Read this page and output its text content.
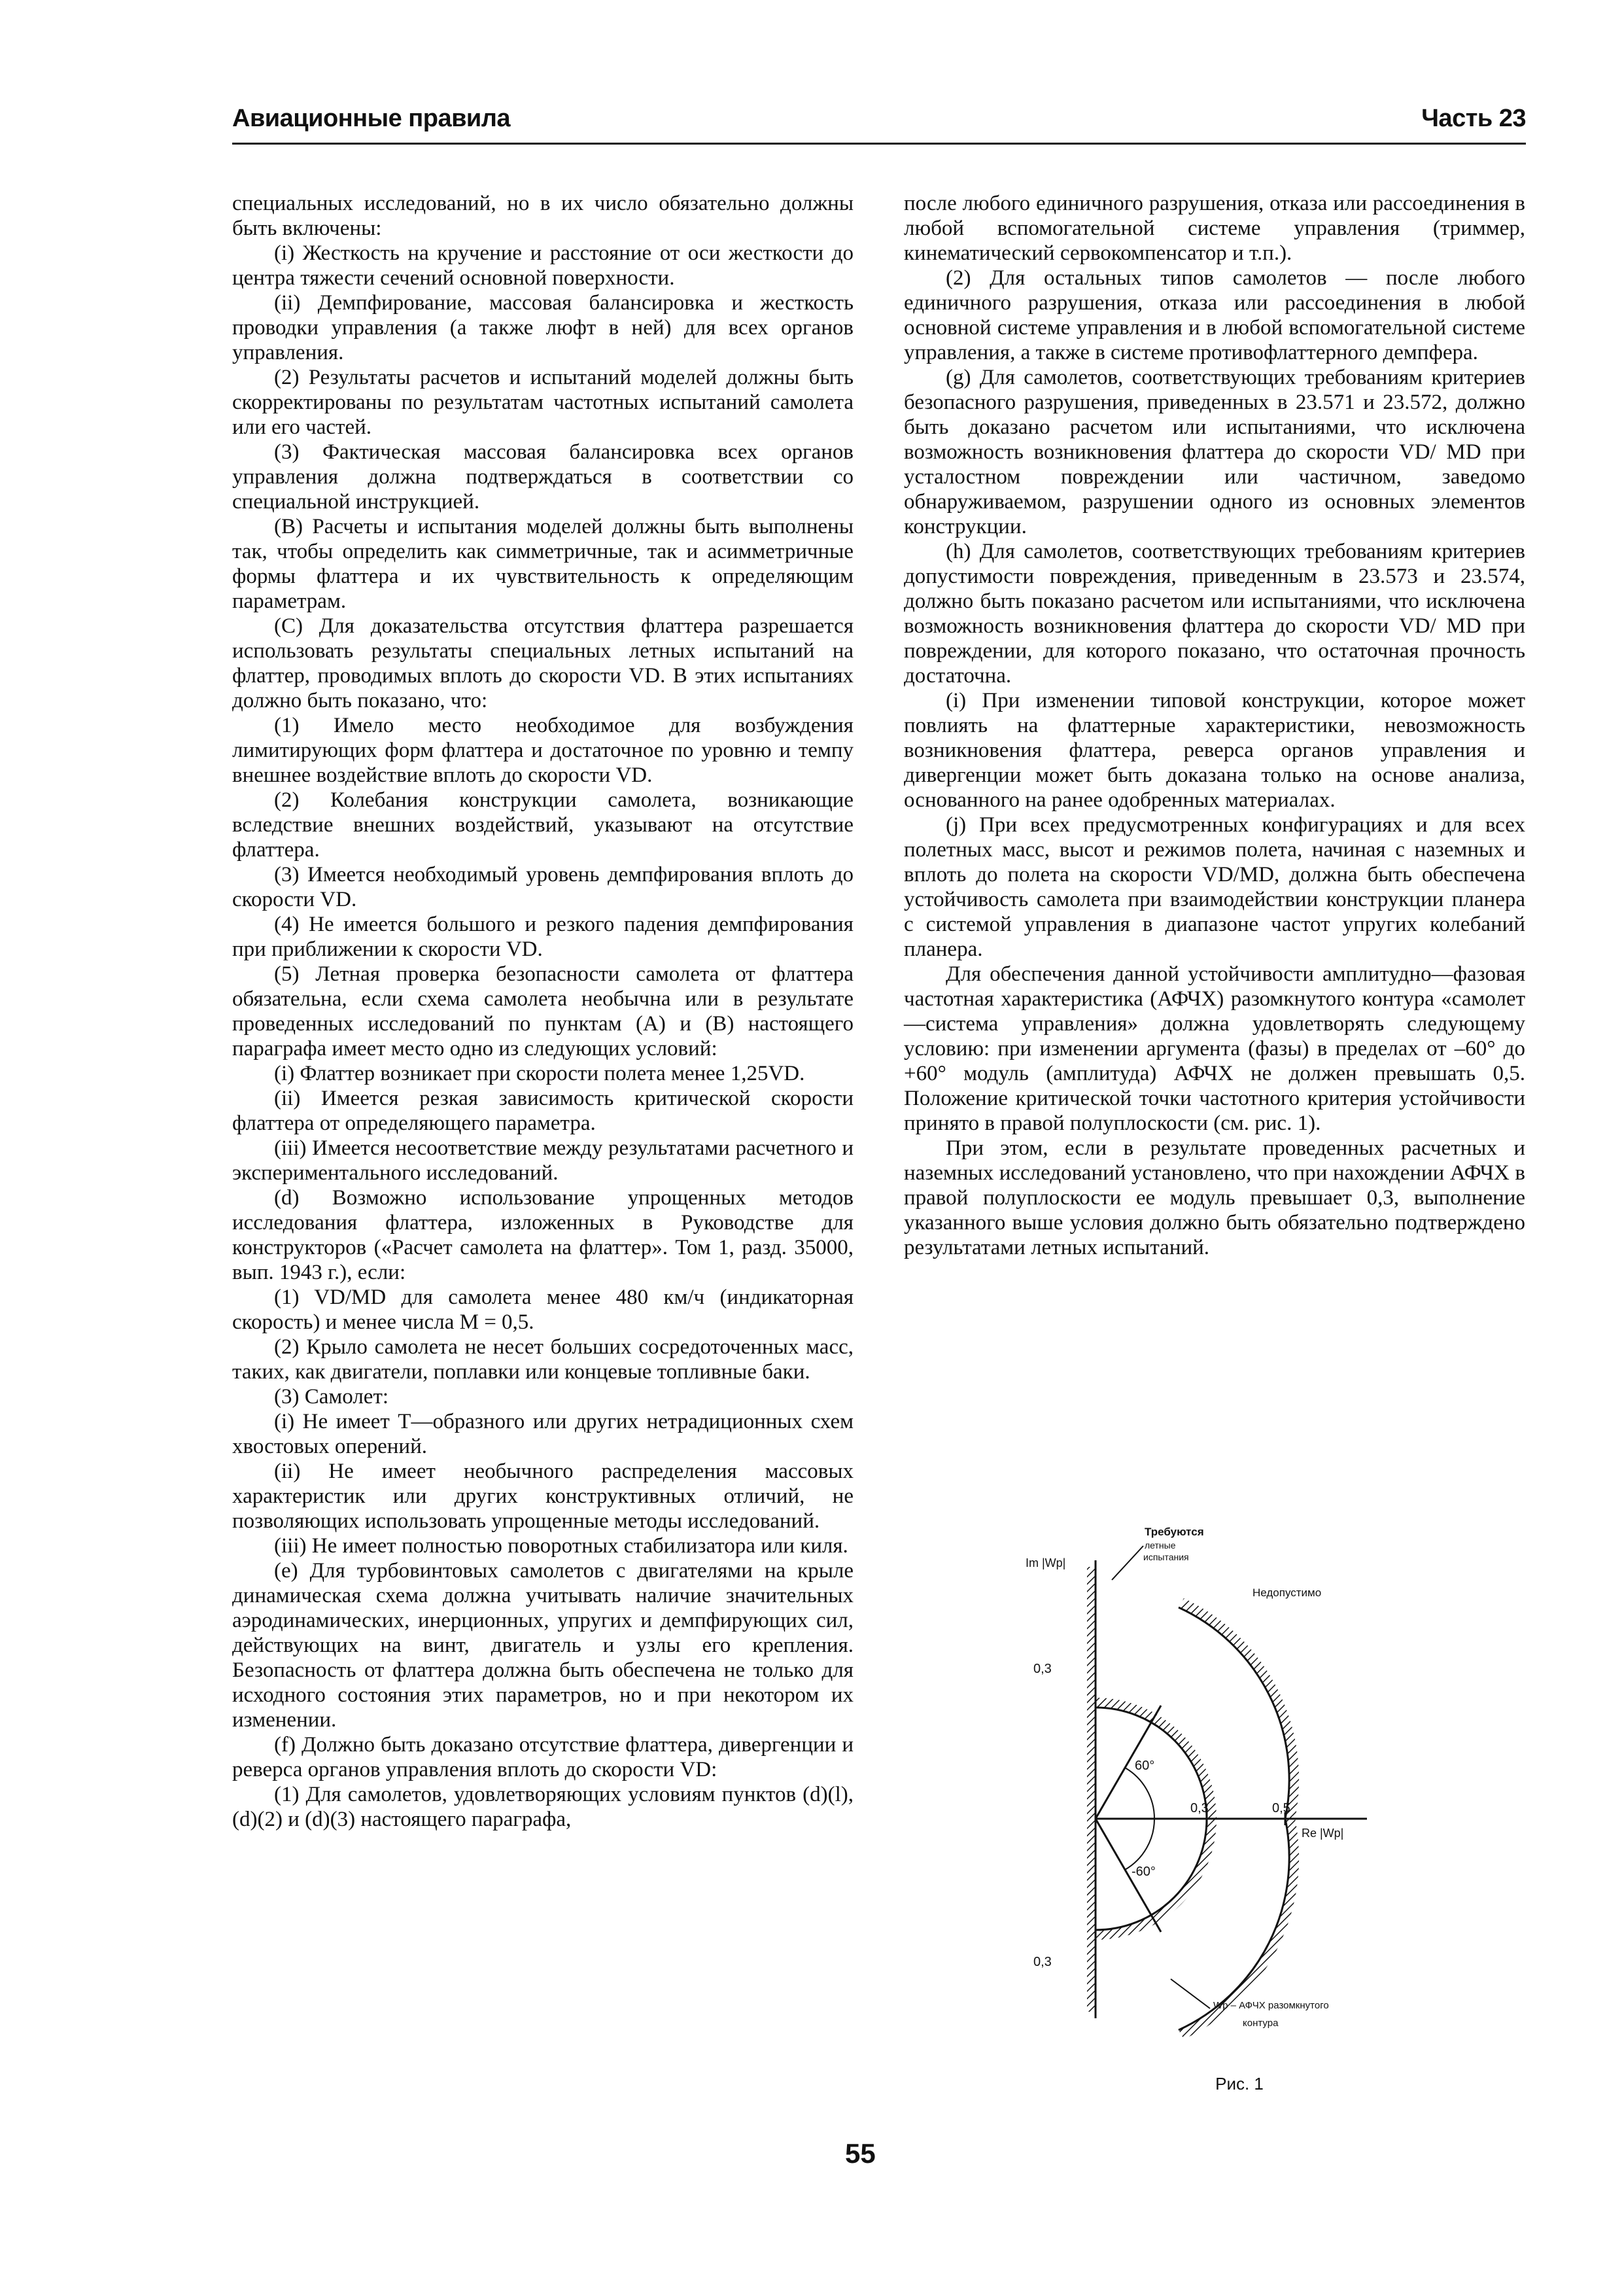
Авиационные правила	Часть 23

специальных исследований, но в их число обязательно должны быть включены:

(i) Жесткость на кручение и расстояние от оси жесткости до центра тяжести сечений основной поверхности.

(ii) Демпфирование, массовая балансировка и жесткость проводки управления (а также люфт в ней) для всех органов управления.

(2) Результаты расчетов и испытаний моделей должны быть скорректированы по результатам частотных испытаний самолета или его частей.

(3) Фактическая массовая балансировка всех органов управления должна подтверждаться в соответствии со специальной инструкцией.

(B) Расчеты и испытания моделей должны быть выполнены так, чтобы определить как симметричные, так и асимметричные формы флаттера и их чувствительность к определяющим параметрам.

(C) Для доказательства отсутствия флаттера разрешается использовать результаты специальных летных испытаний на флаттер, проводимых вплоть до скорости VD. В этих испытаниях должно быть показано, что:

(1) Имело место необходимое для возбуждения лимитирующих форм флаттера и достаточное по уровню и темпу внешнее воздействие вплоть до скорости VD.

(2) Колебания конструкции самолета, возникающие вследствие внешних воздействий, указывают на отсутствие флаттера.

(3) Имеется необходимый уровень демпфирования вплоть до скорости VD.

(4) Не имеется большого и резкого падения демпфирования при приближении к скорости VD.

(5) Летная проверка безопасности самолета от флаттера обязательна, если схема самолета необычна или в результате проведенных исследований по пунктам (A) и (B) настоящего параграфа имеет место одно из следующих условий:

(i) Флаттер возникает при скорости полета менее 1,25VD.

(ii) Имеется резкая зависимость критической скорости флаттера от определяющего параметра.

(iii) Имеется несоответствие между результатами расчетного и экспериментального исследований.

(d) Возможно использование упрощенных методов исследования флаттера, изложенных в Руководстве для конструкторов («Расчет самолета на флаттер». Том 1, разд. 35000, вып. 1943 г.), если:

(1) VD/MD для самолета менее 480 км/ч (индикаторная скорость) и менее числа M = 0,5.

(2) Крыло самолета не несет больших сосредоточенных масс, таких, как двигатели, поплавки или концевые топливные баки.

(3) Самолет:

(i) Не имеет T—образного или других нетрадиционных схем хвостовых оперений.

(ii) Не имеет необычного распределения массовых характеристик или других конструктивных отличий, не позволяющих использовать упрощенные методы исследований.

(iii) Не имеет полностью поворотных стабилизатора или киля.

(e) Для турбовинтовых самолетов с двигателями на крыле динамическая схема должна учитывать наличие значительных аэродинамических, инерционных, упругих и демпфирующих сил, действующих на винт, двигатель и узлы его крепления. Безопасность от флаттера должна быть обеспечена не только для исходного состояния этих параметров, но и при некотором их изменении.

(f) Должно быть доказано отсутствие флаттера, дивергенции и реверса органов управления вплоть до скорости VD:

(1) Для самолетов, удовлетворяющих условиям пунктов (d)(l), (d)(2) и (d)(3) настоящего параграфа,

после любого единичного разрушения, отказа или рассоединения в любой вспомогательной системе управления (триммер, кинематический сервокомпенсатор и т.п.).

(2) Для остальных типов самолетов — после любого единичного разрушения, отказа или рассоединения в любой основной системе управления и в любой вспомогательной системе управления, а также в системе противофлаттерного демпфера.

(g) Для самолетов, соответствующих требованиям критериев безопасного разрушения, приведенных в 23.571 и 23.572, должно быть доказано расчетом или испытаниями, что исключена возможность возникновения флаттера до скорости VD/ MD при усталостном повреждении или частичном, заведомо обнаруживаемом, разрушении одного из основных элементов конструкции.

(h) Для самолетов, соответствующих требованиям критериев допустимости повреждения, приведенным в 23.573 и 23.574, должно быть показано расчетом или испытаниями, что исключена возможность возникновения флаттера до скорости VD/ MD при повреждении, для которого показано, что остаточная прочность достаточна.

(i) При изменении типовой конструкции, которое может повлиять на флаттерные характеристики, невозможность возникновения флаттера, реверса органов управления и дивергенции может быть доказана только на основе анализа, основанного на ранее одобренных материалах.

(j) При всех предусмотренных конфигурациях и для всех полетных масс, высот и режимов полета, начиная с наземных и вплоть до полета на скорости VD/MD, должна быть обеспечена устойчивость самолета при взаимодействии конструкции планера с системой управления в диапазоне частот упругих колебаний планера.

Для обеспечения данной устойчивости амплитудно—фазовая частотная характеристика (АФЧХ) разомкнутого контура «самолет—система управления» должна удовлетворять следующему условию: при изменении аргумента (фазы) в пределах от –60° до +60° модуль (амплитуда) АФЧХ не должен превышать 0,5. Положение критической точки частотного критерия устойчивости принято в правой полуплоскости (см. рис. 1).

При этом, если в результате проведенных расчетных и наземных исследований установлено, что при нахождении АФЧХ в правой полуплоскости ее модуль превышает 0,3, выполнение указанного выше условия должно быть обязательно подтверждено результатами летных испытаний.

Требуются
летные
испытания
Im |Wр|
Недопустимо
0,3
60°
-60°
0,3	0,5
Re |Wр|
0,3
Wр – АФЧХ разомкнутого
контура
Рис. 1
55
